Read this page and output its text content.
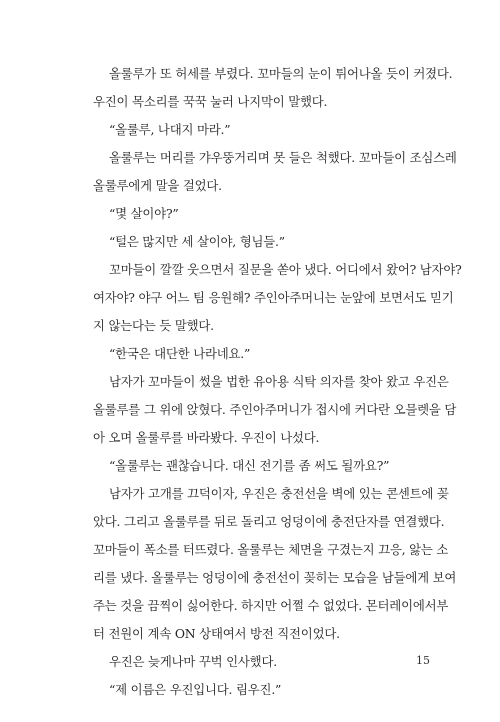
올룰루가 또 허세를 부렸다. 꼬마들의 눈이 튀어나올 듯이 커졌다.
우진이 목소리를 꾹꾹 눌러 나지막이 말했다.
“올룰루, 나대지 마라.”
올룰루는 머리를 갸우뚱거리며 못 들은 척했다. 꼬마들이 조심스레
올룰루에게 말을 걸었다.
“몇 살이야?”
“털은 많지만 세 살이야, 형님들.”
꼬마들이 깔깔 웃으면서 질문을 쏟아 냈다. 어디에서 왔어? 남자야?
여자야? 야구 어느 팀 응원해? 주인아주머니는 눈앞에 보면서도 믿기
지 않는다는 듯 말했다.
“한국은 대단한 나라네요.”
남자가 꼬마들이 썼을 법한 유아용 식탁 의자를 찾아 왔고 우진은
올룰루를 그 위에 앉혔다. 주인아주머니가 접시에 커다란 오믈렛을 담
아 오며 올룰루를 바라봤다. 우진이 나섰다.
“올룰루는 괜찮습니다. 대신 전기를 좀 써도 될까요?”
남자가 고개를 끄덕이자, 우진은 충전선을 벽에 있는 콘센트에 꽂
았다. 그리고 올룰루를 뒤로 돌리고 엉덩이에 충전단자를 연결했다.
꼬마들이 폭소를 터뜨렸다. 올룰루는 체면을 구겼는지 끄응, 앓는 소
리를 냈다. 올룰루는 엉덩이에 충전선이 꽂히는 모습을 남들에게 보여
주는 것을 끔찍이 싫어한다. 하지만 어쩔 수 없었다. 몬터레이에서부
터 전원이 계속 ON 상태여서 방전 직전이었다.
우진은 늦게나마 꾸벅 인사했다.
“제 이름은 우진입니다. 림우진.”
15
